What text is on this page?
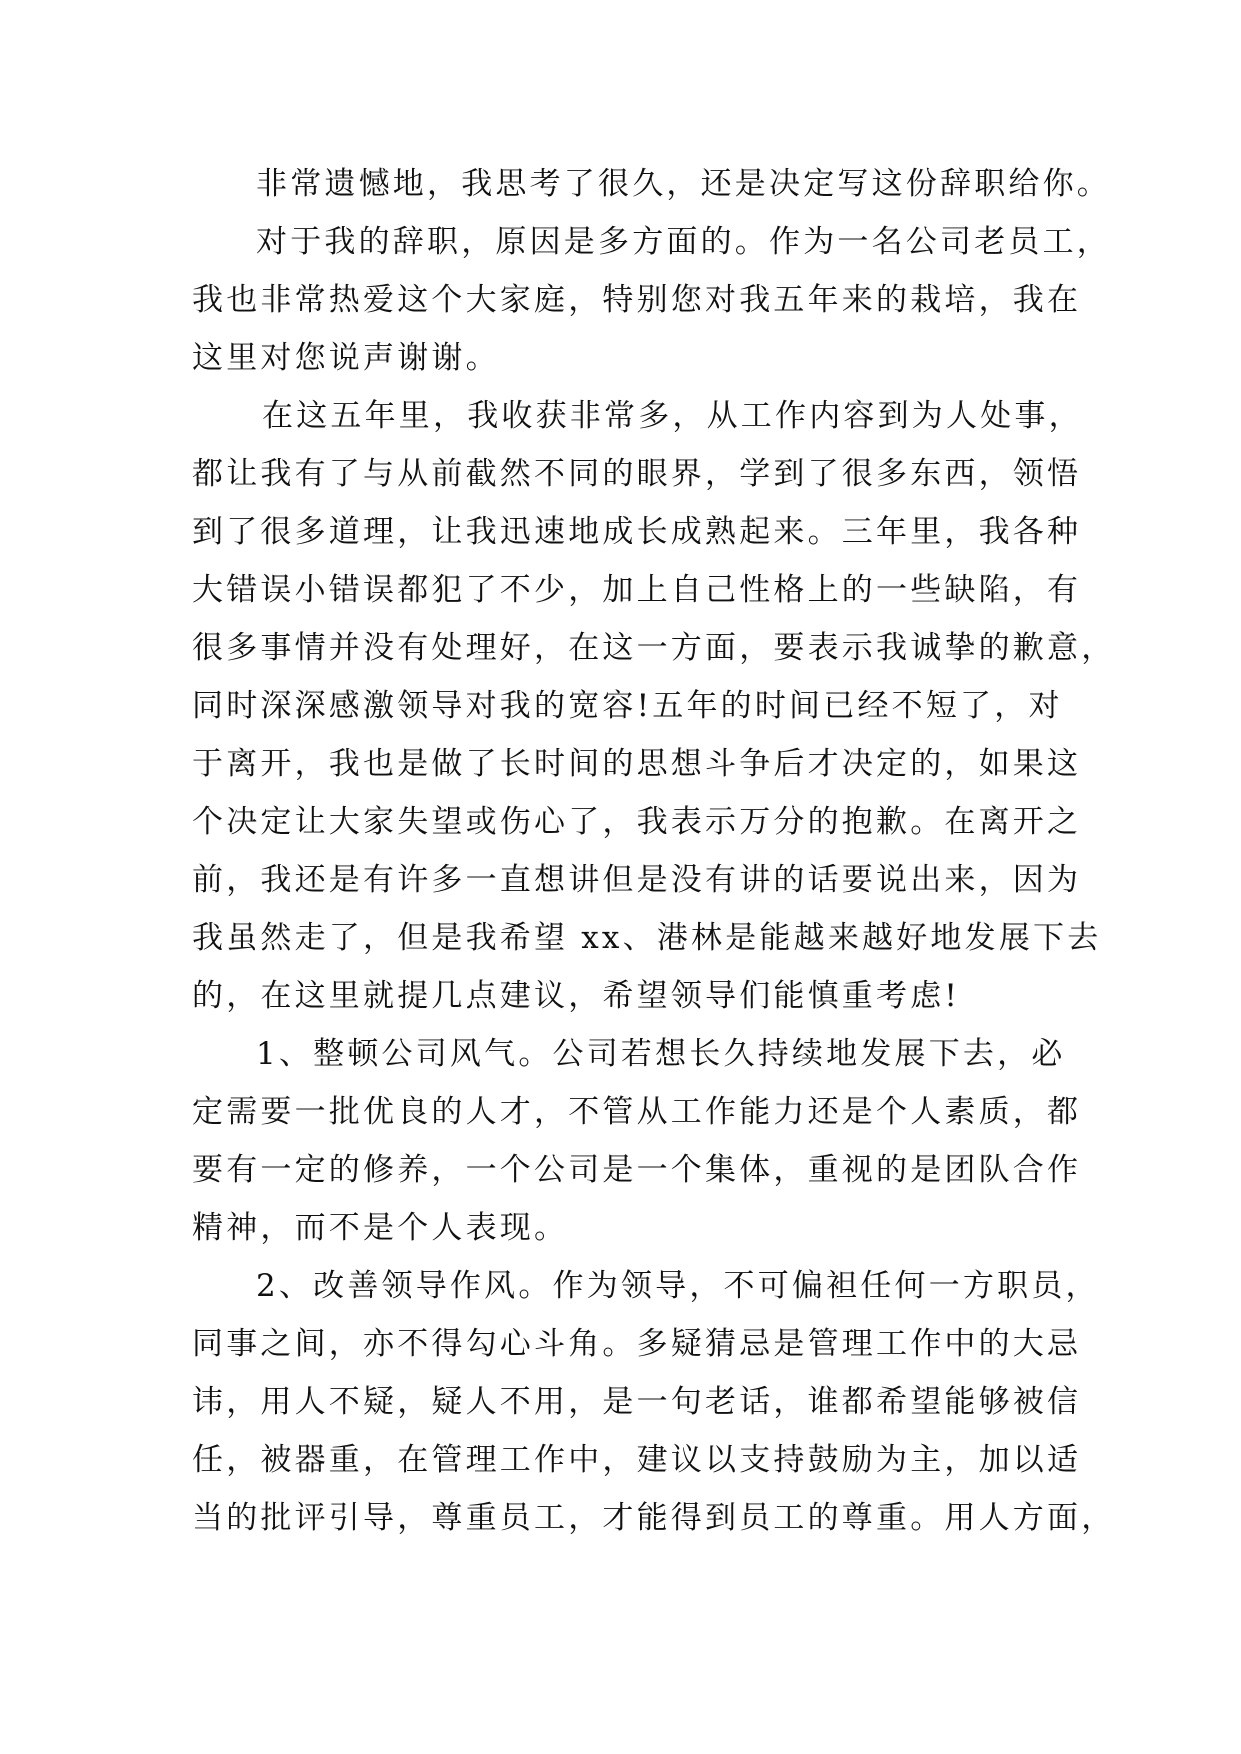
非常遗憾地，我思考了很久，还是决定写这份辞职给你。
对于我的辞职，原因是多方面的。作为一名公司老员工，
我也非常热爱这个大家庭，特别您对我五年来的栽培，我在
这里对您说声谢谢。
在这五年里，我收获非常多，从工作内容到为人处事，
都让我有了与从前截然不同的眼界，学到了很多东西，领悟
到了很多道理，让我迅速地成长成熟起来。三年里，我各种
大错误小错误都犯了不少，加上自己性格上的一些缺陷，有
很多事情并没有处理好，在这一方面，要表示我诚挚的歉意，
同时深深感激领导对我的宽容!五年的时间已经不短了，对
于离开，我也是做了长时间的思想斗争后才决定的，如果这
个决定让大家失望或伤心了，我表示万分的抱歉。在离开之
前，我还是有许多一直想讲但是没有讲的话要说出来，因为
我虽然走了，但是我希望 xx、港林是能越来越好地发展下去
的，在这里就提几点建议，希望领导们能慎重考虑!
1、整顿公司风气。公司若想长久持续地发展下去，必
定需要一批优良的人才，不管从工作能力还是个人素质，都
要有一定的修养，一个公司是一个集体，重视的是团队合作
精神，而不是个人表现。
2、改善领导作风。作为领导，不可偏袒任何一方职员，
同事之间，亦不得勾心斗角。多疑猜忌是管理工作中的大忌
讳，用人不疑，疑人不用，是一句老话，谁都希望能够被信
任，被器重，在管理工作中，建议以支持鼓励为主，加以适
当的批评引导，尊重员工，才能得到员工的尊重。用人方面，
